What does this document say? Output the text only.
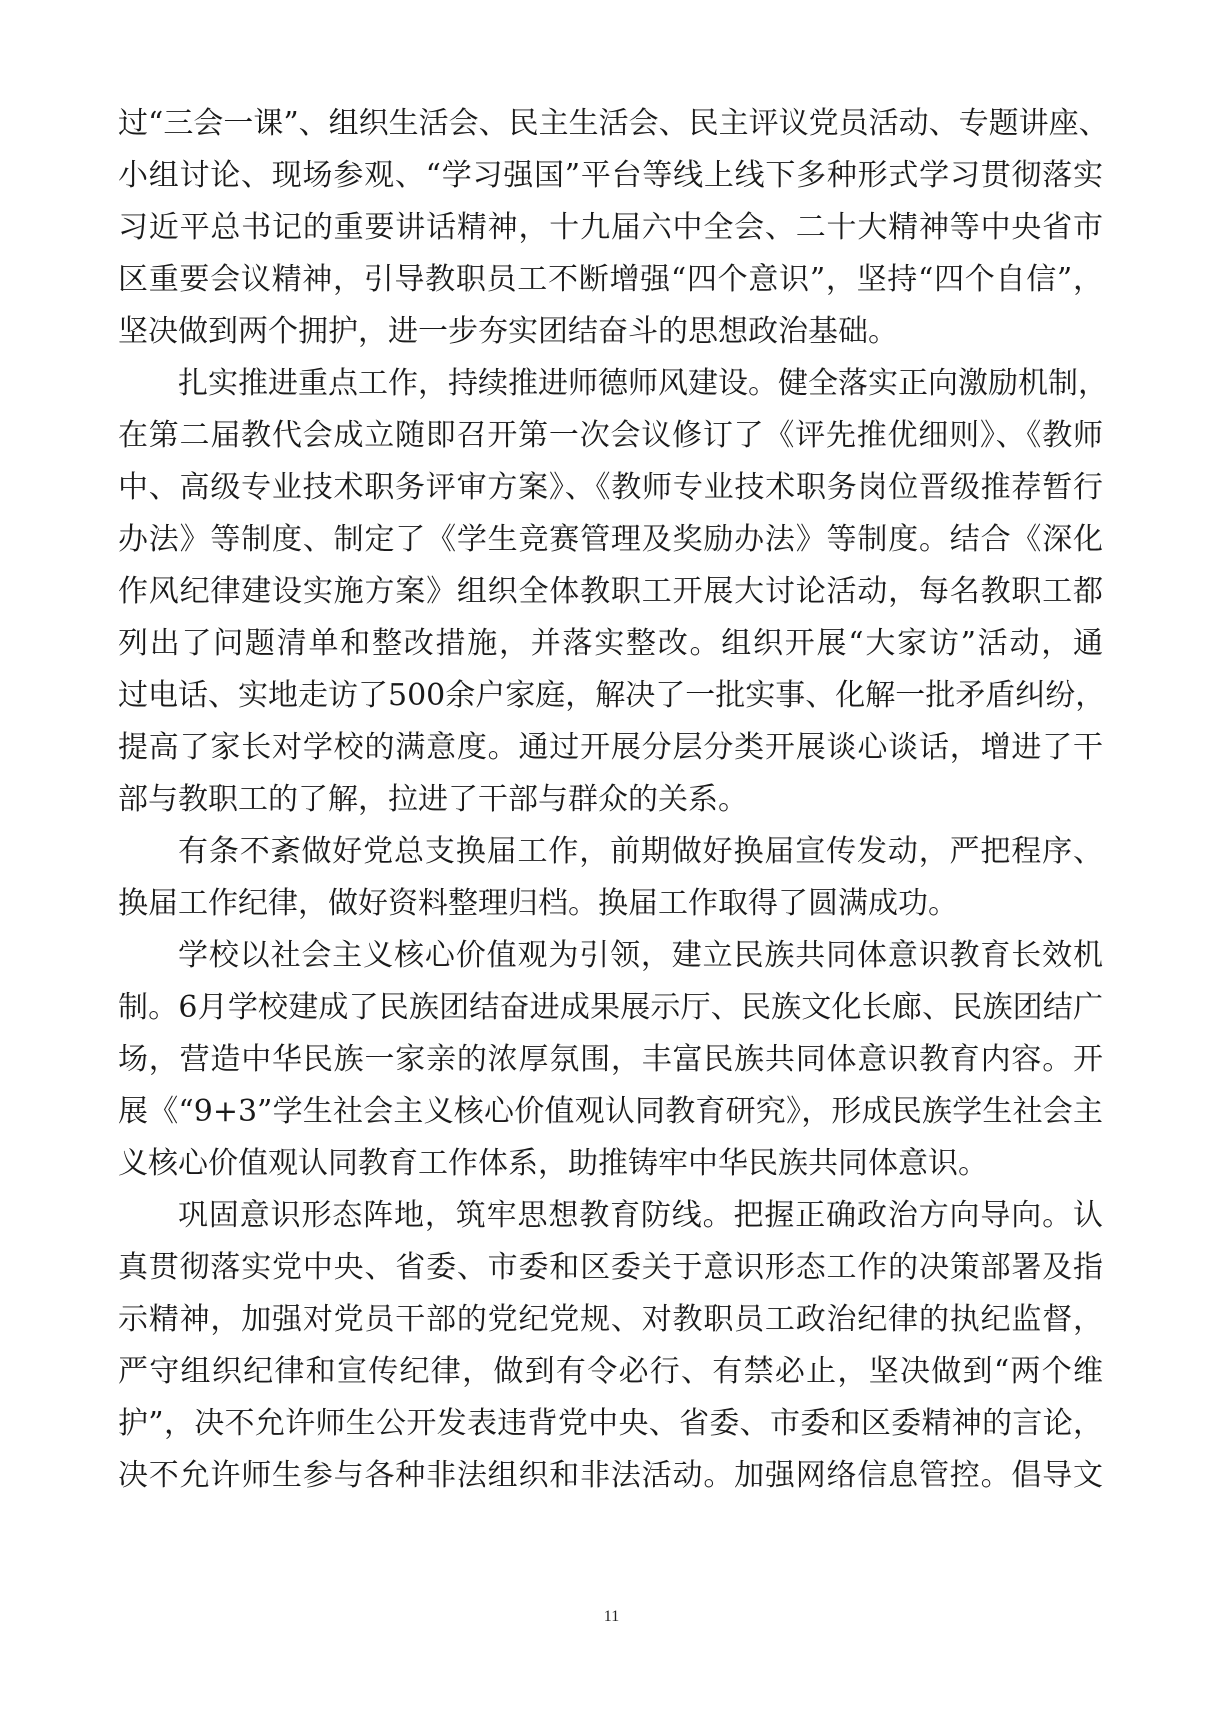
过“三会一课”、组织生活会、民主生活会、民主评议党员活动、专题讲座、
小组讨论、现场参观、“学习强国”平台等线上线下多种形式学习贯彻落实
习近平总书记的重要讲话精神，十九届六中全会、二十大精神等中央省市
区重要会议精神，引导教职员工不断增强“四个意识”，坚持“四个自信”，
坚决做到两个拥护，进一步夯实团结奋斗的思想政治基础。
扎实推进重点工作，持续推进师德师风建设。健全落实正向激励机制，
在第二届教代会成立随即召开第一次会议修订了《评先推优细则》、《教师
中、高级专业技术职务评审方案》、《教师专业技术职务岗位晋级推荐暂行
办法》等制度、制定了《学生竞赛管理及奖励办法》等制度。结合《深化
作风纪律建设实施方案》组织全体教职工开展大讨论活动，每名教职工都
列出了问题清单和整改措施，并落实整改。组织开展“大家访”活动，通
过电话、实地走访了500余户家庭，解决了一批实事、化解一批矛盾纠纷，
提高了家长对学校的满意度。通过开展分层分类开展谈心谈话，增进了干
部与教职工的了解，拉进了干部与群众的关系。
有条不紊做好党总支换届工作，前期做好换届宣传发动，严把程序、
换届工作纪律，做好资料整理归档。换届工作取得了圆满成功。
学校以社会主义核心价值观为引领，建立民族共同体意识教育长效机
制。6月学校建成了民族团结奋进成果展示厅、民族文化长廊、民族团结广
场，营造中华民族一家亲的浓厚氛围，丰富民族共同体意识教育内容。开
展《“9+3”学生社会主义核心价值观认同教育研究》，形成民族学生社会主
义核心价值观认同教育工作体系，助推铸牢中华民族共同体意识。
巩固意识形态阵地，筑牢思想教育防线。把握正确政治方向导向。认
真贯彻落实党中央、省委、市委和区委关于意识形态工作的决策部署及指
示精神，加强对党员干部的党纪党规、对教职员工政治纪律的执纪监督，
严守组织纪律和宣传纪律，做到有令必行、有禁必止，坚决做到“两个维
护”，决不允许师生公开发表违背党中央、省委、市委和区委精神的言论，
决不允许师生参与各种非法组织和非法活动。加强网络信息管控。倡导文
11
